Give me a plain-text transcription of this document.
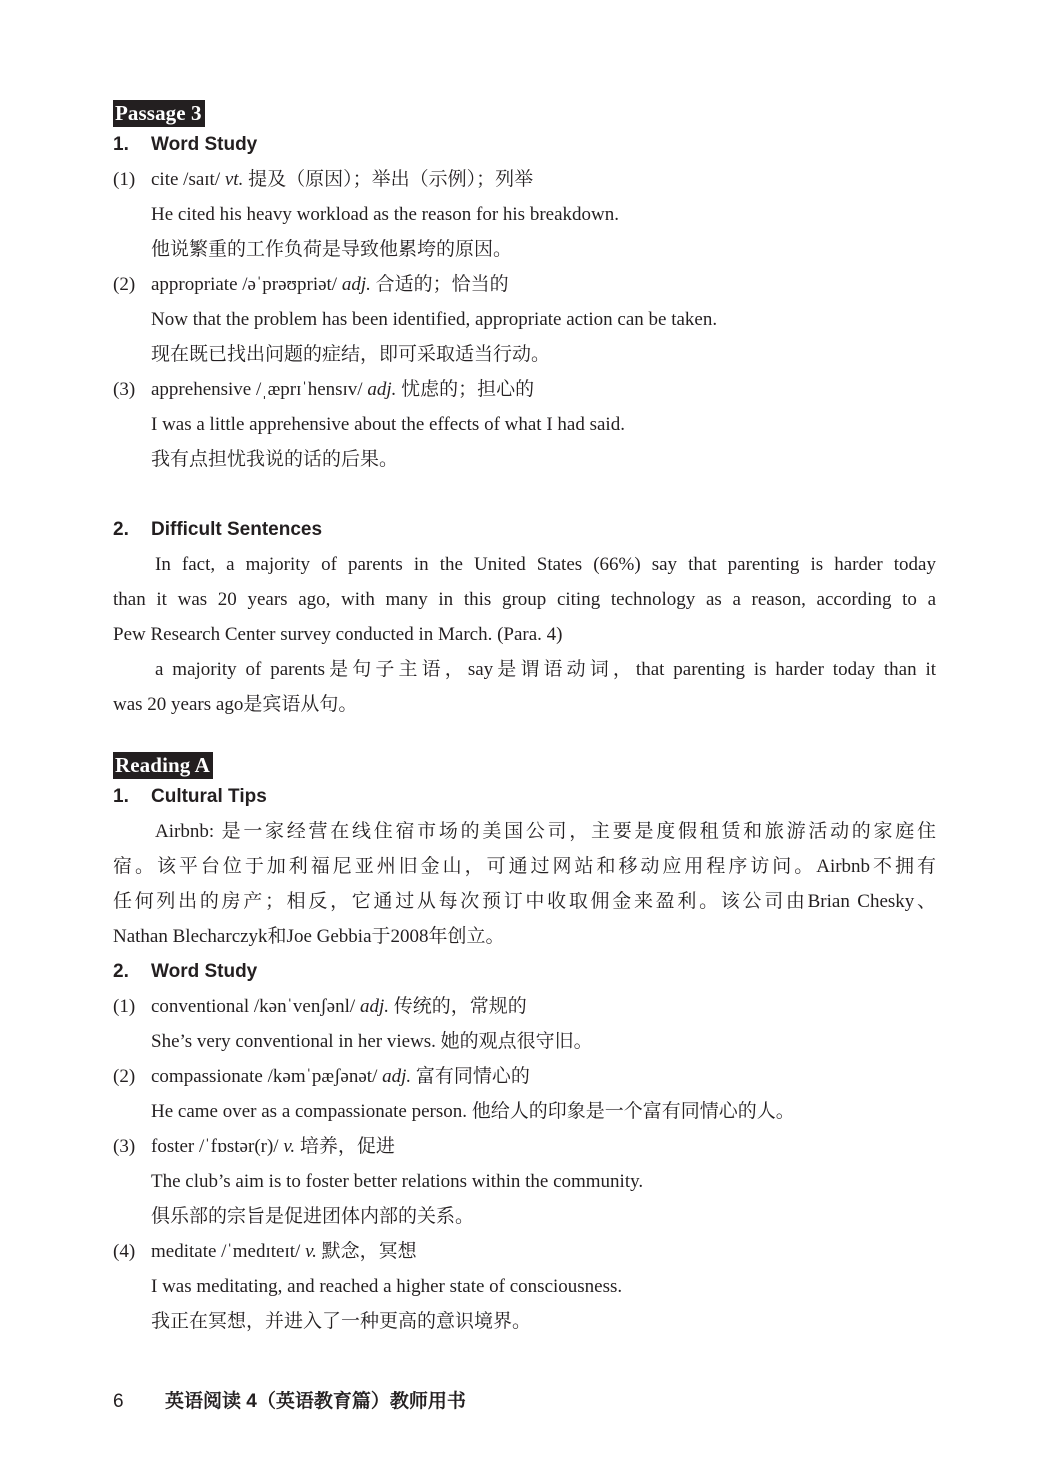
Passage 3
1. Word Study
(1) cite /saɪt/ vt. 提及（原因）；举出（示例）；列举
He cited his heavy workload as the reason for his breakdown.
他说繁重的工作负荷是导致他累垮的原因。
(2) appropriate /əˈprəʊpriət/ adj. 合适的；恰当的
Now that the problem has been identified, appropriate action can be taken.
现在既已找出问题的症结，即可采取适当行动。
(3) apprehensive /ˌæprɪˈhensɪv/ adj. 忧虑的；担心的
I was a little apprehensive about the effects of what I had said.
我有点担忧我说的话的后果。
2. Difficult Sentences
In fact, a majority of parents in the United States (66%) say that parenting is harder today
than it was 20 years ago, with many in this group citing technology as a reason, according to a
Pew Research Center survey conducted in March. (Para. 4)
a majority of parents是句子主语，say是谓语动词，that parenting is harder today than it
was 20 years ago是宾语从句。
Reading A
1. Cultural Tips
Airbnb: 是一家经营在线住宿市场的美国公司，主要是度假租赁和旅游活动的家庭住
宿。该平台位于加利福尼亚州旧金山，可通过网站和移动应用程序访问。Airbnb不拥有
任何列出的房产；相反，它通过从每次预订中收取佣金来盈利。该公司由Brian Chesky、
Nathan Blecharczyk和Joe Gebbia于2008年创立。
2. Word Study
(1) conventional /kənˈvenʃənl/ adj. 传统的，常规的
She’s very conventional in her views. 她的观点很守旧。
(2) compassionate /kəmˈpæʃənət/ adj. 富有同情心的
He came over as a compassionate person. 他给人的印象是一个富有同情心的人。
(3) foster /ˈfɒstər(r)/ v. 培养，促进
The club’s aim is to foster better relations within the community.
俱乐部的宗旨是促进团体内部的关系。
(4) meditate /ˈmedɪteɪt/ v. 默念，冥想
I was meditating, and reached a higher state of consciousness.
我正在冥想，并进入了一种更高的意识境界。
6 英语阅读 4（英语教育篇）教师用书
